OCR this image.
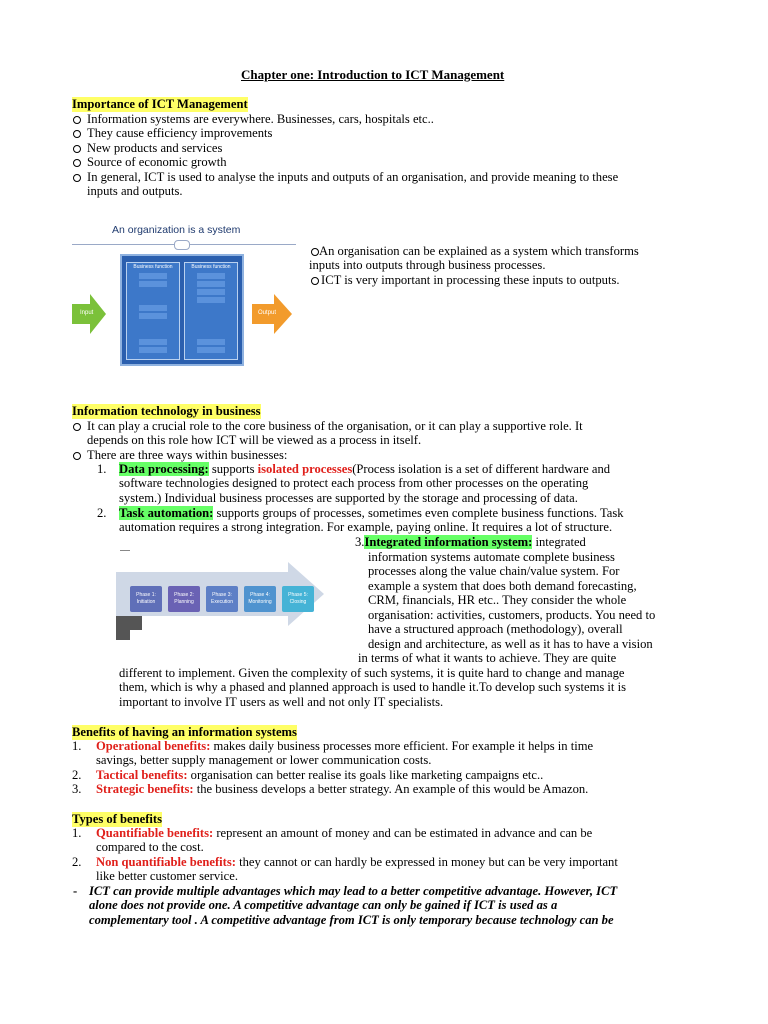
Chapter one: Introduction to ICT Management
Importance of ICT Management
Information systems are everywhere. Businesses, cars, hospitals etc..
They cause efficiency improvements
New products and services
Source of economic growth
In general, ICT is used to analyse the inputs and outputs of an organisation, and provide meaning to these
inputs and outputs.
An organization is a system
Input
Business function	Business function
Output
An organisation can be explained as a system which transforms
inputs into outputs through business processes.
ICT is very important in processing these inputs to outputs.
Information technology in business
It can play a crucial role to the core business of the organisation, or it can play a supportive role. It
depends on this role how ICT will be viewed as a process in itself.
There are three ways within businesses:
1. Data processing: supports isolated processes(Process isolation is a set of different hardware and
software technologies designed to protect each process from other processes on the operating
system.) Individual business processes are supported by the storage and processing of data.
2. Task automation: supports groups of processes, sometimes even complete business functions. Task
automation requires a strong integration. For example, paying online. It requires a lot of structure.
Phase 1:
Initiation
Phase 2:
Planning
Phase 3:
Execution
Phase 4:
Monitoring
Phase 5:
Closing
3.Integrated information system: integrated
information systems automate complete business
processes along the value chain/value system. For
example a system that does both demand forecasting,
CRM, financials, HR etc.. They consider the whole
organisation: activities, customers, products. You need to
have a structured approach (methodology), overall
design and architecture, as well as it has to have a vision
in terms of what it wants to achieve. They are quite
different to implement. Given the complexity of such systems, it is quite hard to change and manage
them, which is why a phased and planned approach is used to handle it.To develop such systems it is
important to involve IT users as well and not only IT specialists.
Benefits of having an information systems
1. Operational benefits: makes daily business processes more efficient. For example it helps in time
savings, better supply management or lower communication costs.
2. Tactical benefits: organisation can better realise its goals like marketing campaigns etc..
3. Strategic benefits: the business develops a better strategy. An example of this would be Amazon.
Types of benefits
1. Quantifiable benefits: represent an amount of money and can be estimated in advance and can be
compared to the cost.
2. Non quantifiable benefits: they cannot or can hardly be expressed in money but can be very important
like better customer service.
- ICT can provide multiple advantages which may lead to a better competitive advantage. However, ICT
alone does not provide one. A competitive advantage can only be gained if ICT is used as a
complementary tool . A competitive advantage from ICT is only temporary because technology can be
